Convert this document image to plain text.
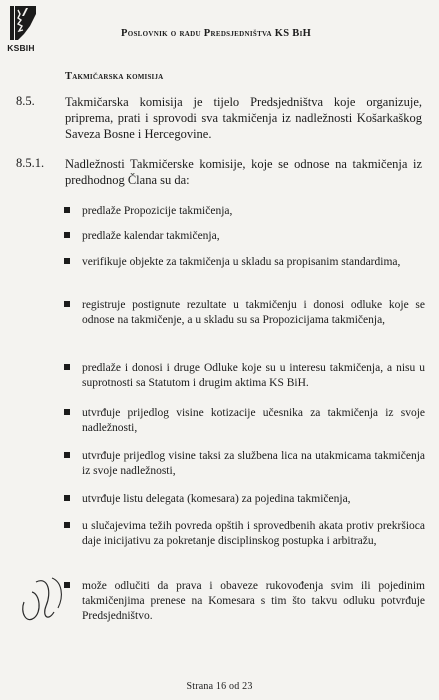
KSBIH
Poslovnik o radu Predsjedništva KS BiH
Takmičarska komisija
8.5. Takmičarska komisija je tijelo Predsjedništva koje organizuje, priprema, prati i sprovodi sva takmičenja iz nadležnosti Košarkaškog Saveza Bosne i Hercegovine.
8.5.1. Nadležnosti Takmičerske komisije, koje se odnose na takmičenja iz predhodnog Člana su da:
predlaže Propozicije takmičenja,
predlaže kalendar takmičenja,
verifikuje objekte za takmičenja u skladu sa propisanim standardima,
registruje postignute rezultate u takmičenju i donosi odluke koje se odnose na takmičenje, a u skladu su sa Propozicijama takmičenja,
predlaže i donosi i druge Odluke koje su u interesu takmičenja, a nisu u suprotnosti sa Statutom i drugim aktima KS BiH.
utvrđuje prijedlog visine kotizacije učesnika za takmičenja iz svoje nadležnosti,
utvrđuje prijedlog visine taksi za službena lica na utakmicama takmičenja iz svoje nadležnosti,
utvrđuje listu delegata (komesara) za pojedina takmičenja,
u slučajevima težih povreda opštih i sprovedbenih akata protiv prekršioca daje inicijativu za pokretanje disciplinskog postupka i arbitražu,
može odlučiti da prava i obaveze rukovođenja svim ili pojedinim takmičenjima prenese na Komesara s tim što takvu odluku potvrđuje Predsjedništvo.
Strana 16 od 23
